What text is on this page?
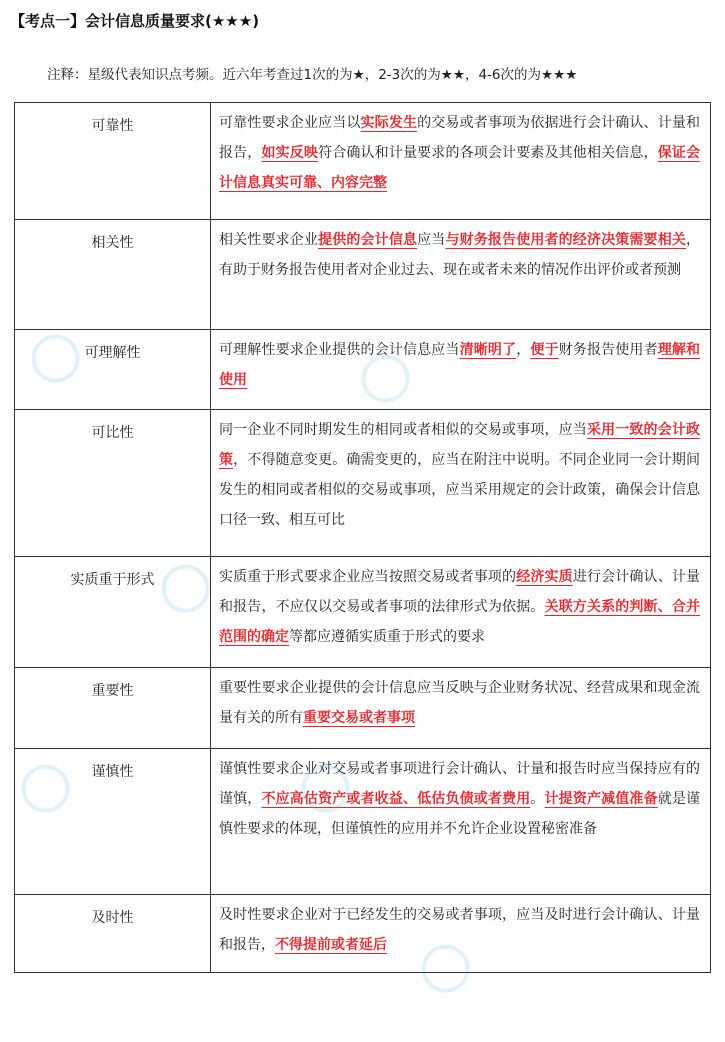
【考点一】会计信息质量要求(★★★)
注释：星级代表知识点考频。近六年考查过1次的为★，2-3次的为★★，4-6次的为★★★
可靠性	可靠性要求企业应当以实际发生的交易或者事项为依据进行会计确认、计量和报告，如实反映符合确认和计量要求的各项会计要素及其他相关信息，保证会计信息真实可靠、内容完整
相关性	相关性要求企业提供的会计信息应当与财务报告使用者的经济决策需要相关，有助于财务报告使用者对企业过去、现在或者未来的情况作出评价或者预测
可理解性	可理解性要求企业提供的会计信息应当清晰明了，便于财务报告使用者理解和使用
可比性	同一企业不同时期发生的相同或者相似的交易或事项，应当采用一致的会计政策，不得随意变更。确需变更的，应当在附注中说明。不同企业同一会计期间发生的相同或者相似的交易或事项，应当采用规定的会计政策，确保会计信息口径一致、相互可比
实质重于形式	实质重于形式要求企业应当按照交易或者事项的经济实质进行会计确认、计量和报告，不应仅以交易或者事项的法律形式为依据。关联方关系的判断、合并范围的确定等都应遵循实质重于形式的要求
重要性	重要性要求企业提供的会计信息应当反映与企业财务状况、经营成果和现金流量有关的所有重要交易或者事项
谨慎性	谨慎性要求企业对交易或者事项进行会计确认、计量和报告时应当保持应有的谨慎，不应高估资产或者收益、低估负债或者费用。计提资产减值准备就是谨慎性要求的体现，但谨慎性的应用并不允许企业设置秘密准备
及时性	及时性要求企业对于已经发生的交易或者事项，应当及时进行会计确认、计量和报告，不得提前或者延后
